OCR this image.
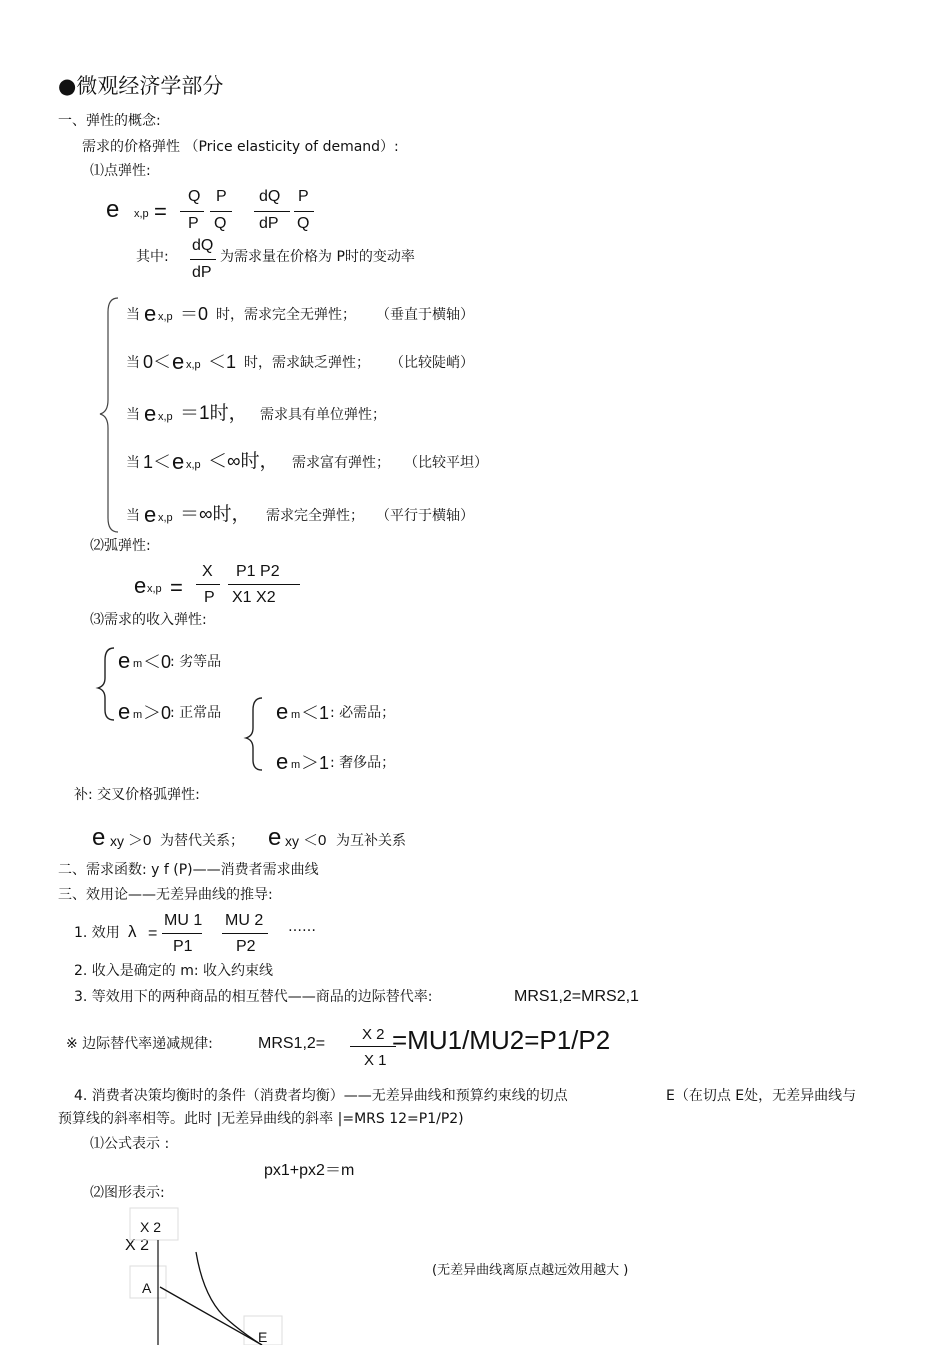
●微观经济学部分
一、弹性的概念:
需求的价格弹性 （Price elasticity of demand）:
⑴点弹性:
e x,p =
Q
P
P
Q
dQ
dP
P
Q
其中:
dQ
dP
为需求量在价格为 P时的变动率
当 e x,p ＝0 时，需求完全无弹性； （垂直于横轴）
当 0＜ e x,p ＜1 时，需求缺乏弹性； （比较陡峭）
当 e x,p ＝1时， 需求具有单位弹性；
当 1＜ e x,p ＜∞时， 需求富有弹性； （比较平坦）
当 e x,p ＝∞时， 需求完全弹性； （平行于横轴）
⑵弧弹性:
e x,p =
X
P
P1 P2
X1 X2
⑶需求的收入弹性:
e m ＜0
: 劣等品
e m ＞0
: 正常品 e m ＜1 : 必需品；
e m ＞1 : 奢侈品；
补: 交叉价格弧弹性:
e xy ＞0 为替代关系； e xy ＜0 为互补关系
二、需求函数: y f (P)——消费者需求曲线
三、效用论——无差异曲线的推导:
1. 效用 λ =
MU 1
P1
MU 2
P2
……
2. 收入是确定的 m: 收入约束线
3. 等效用下的两种商品的相互替代——商品的边际替代率:	MRS1,2=MRS2,1
※ 边际替代率递减规律:	MRS1,2=
X 2
X 1
=MU1/MU2=P1/P2
4. 消费者决策均衡时的条件（消费者均衡）——无差异曲线和预算约束线的切点	E（在切点 E处，无差异曲线与
预算线的斜率相等。此时 |无差异曲线的斜率 |=MRS 12=P1/P2)
⑴公式表示 :
px1+px2＝m
⑵图形表示:
X 2
X 2
A
E
(无差异曲线离原点越远效用越大 )
